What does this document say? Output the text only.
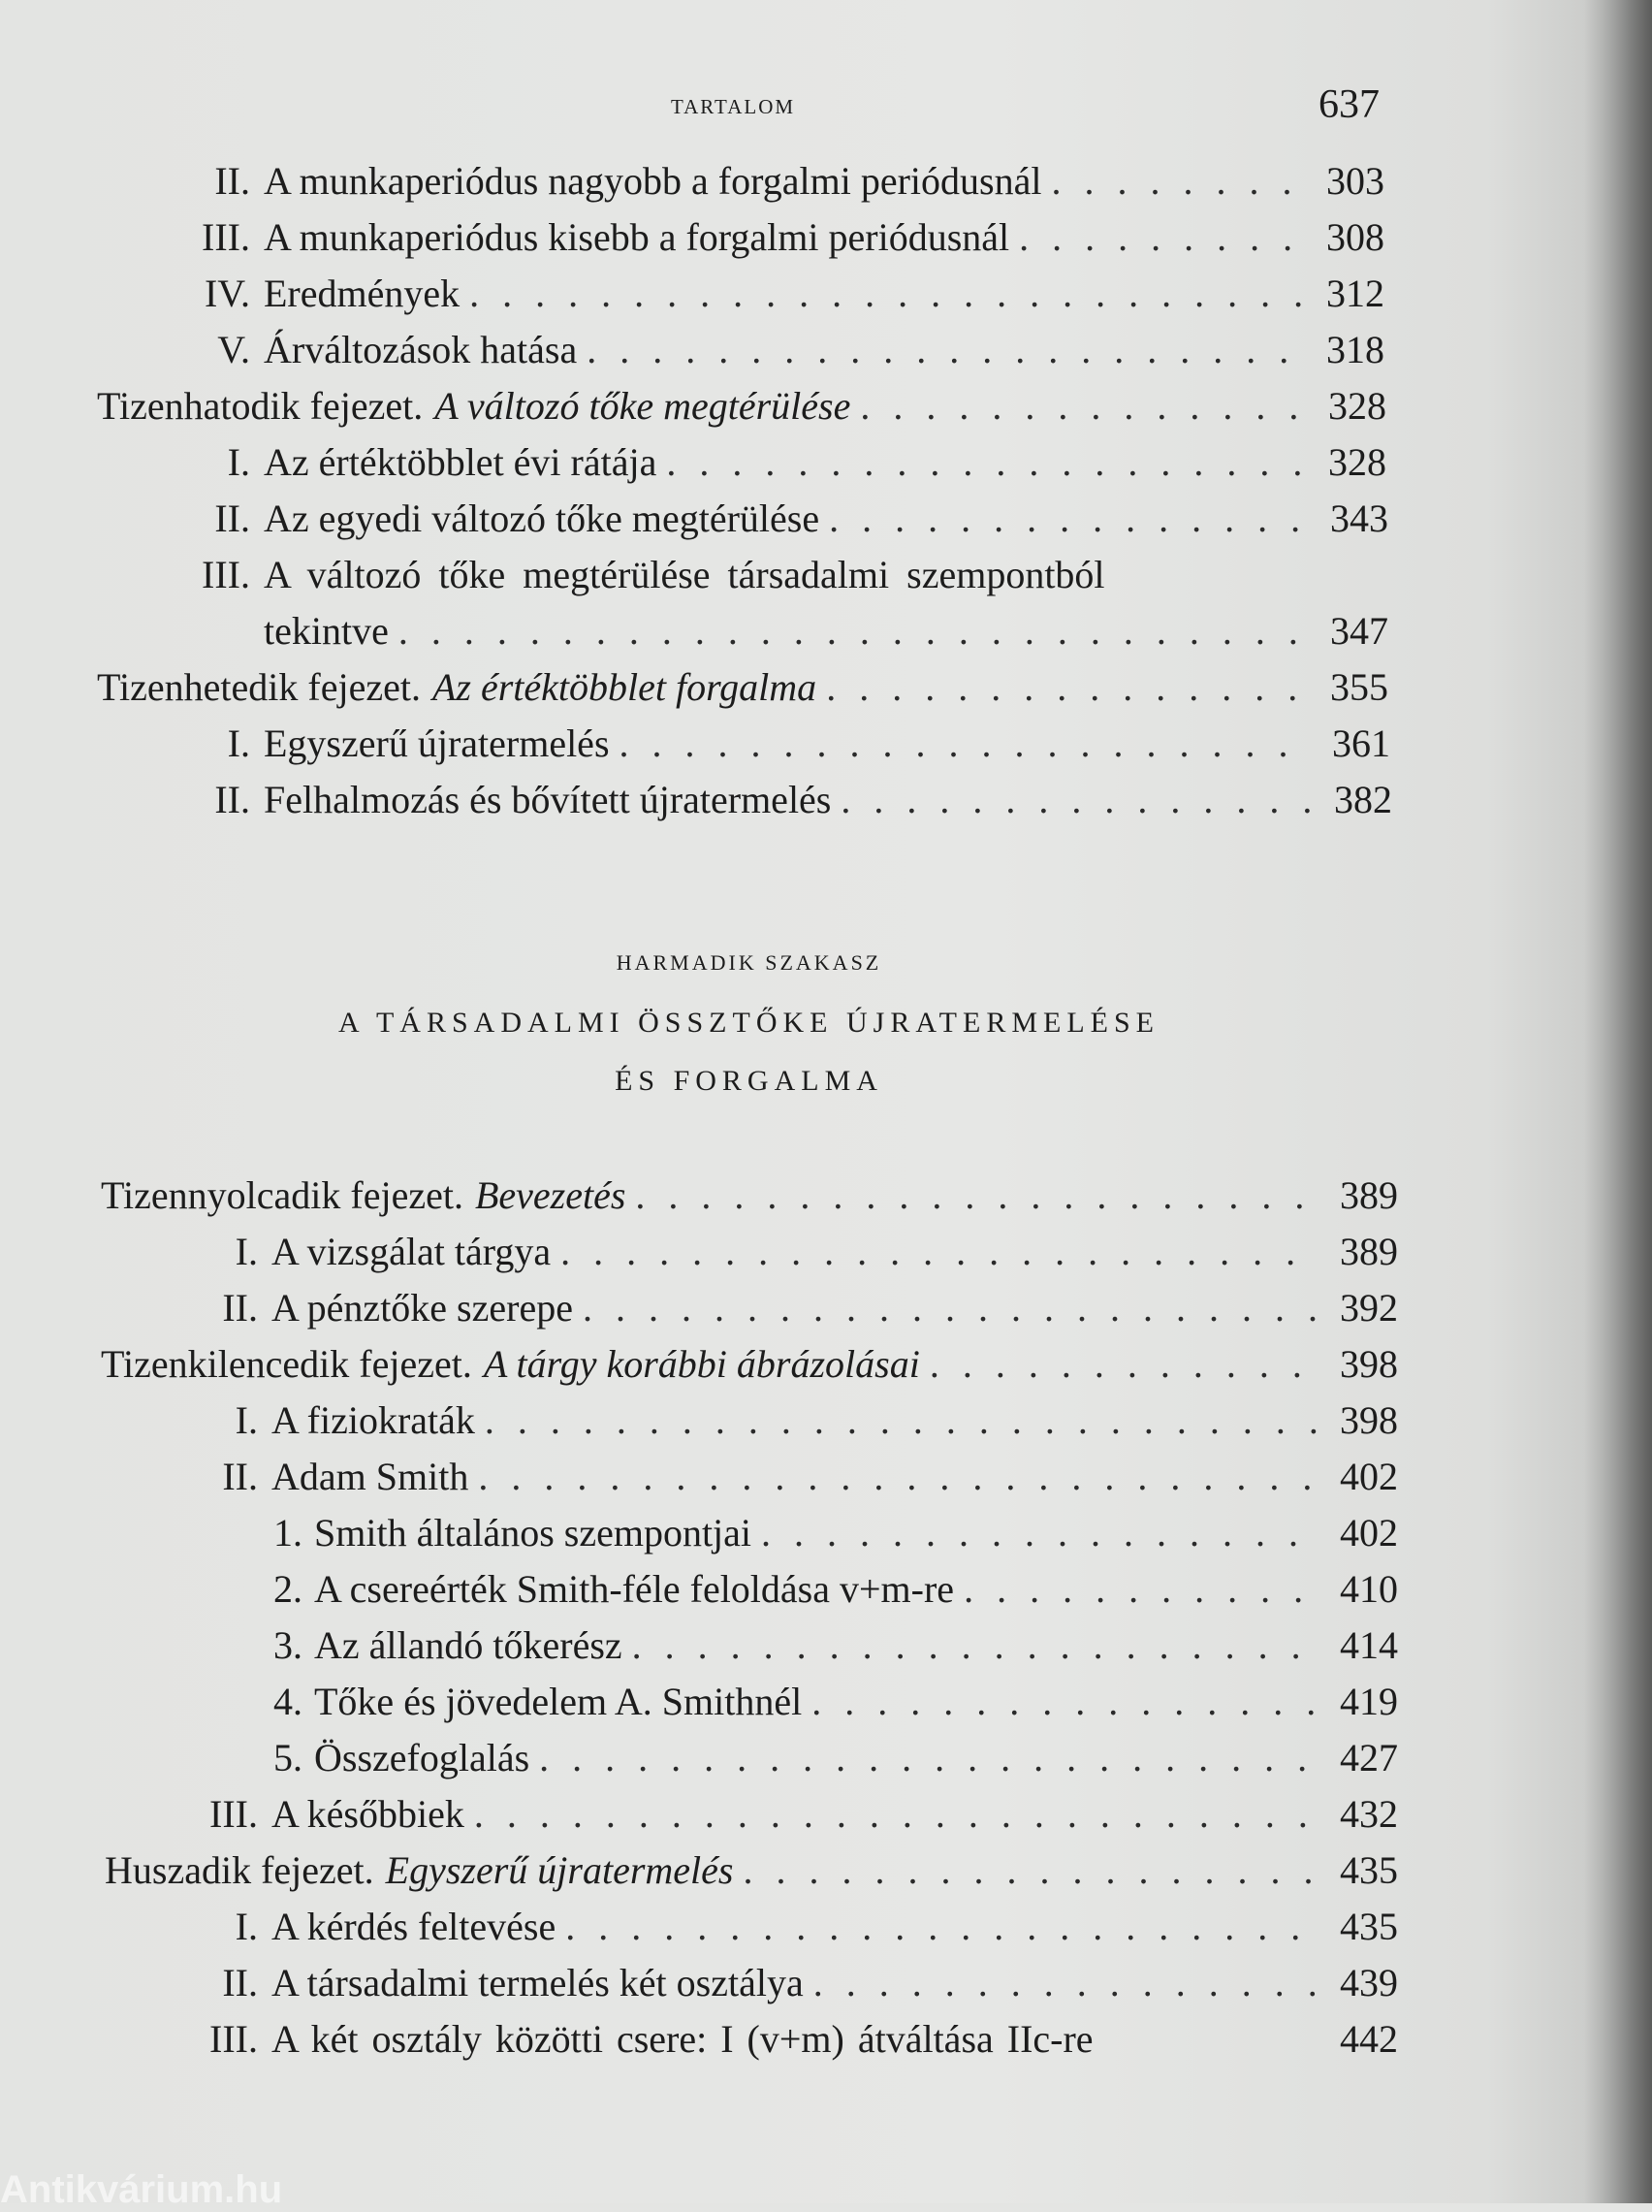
TARTALOM	637
II. A munkaperiódus nagyobb a forgalmi periódusnál . . .	303
III. A munkaperiódus kisebb a forgalmi periódusnál . . .	308
IV. Eredmények . . .	312
V. Árváltozások hatása . . .	318
Tizenhatodik fejezet. A változó tőke megtérülése . . .	328
I. Az értéktöbblet évi rátája . . .	328
II. Az egyedi változó tőke megtérülése . . .	343
III. A változó tőke megtérülése társadalmi szempontból
tekintve . . .	347
Tizenhetedik fejezet. Az értéktöbblet forgalma . . .	355
I. Egyszerű újratermelés . . .	361
II. Felhalmozás és bővített újratermelés . . .	382
HARMADIK SZAKASZ
A TÁRSADALMI ÖSSZTŐKE ÚJRATERMELÉSE
ÉS FORGALMA
Tizennyolcadik fejezet. Bevezetés . . .	389
I. A vizsgálat tárgya . . .	389
II. A pénztőke szerepe . . .	392
Tizenkilencedik fejezet. A tárgy korábbi ábrázolásai . . .	398
I. A fiziokraták . . .	398
II. Adam Smith . . .	402
1. Smith általános szempontjai . . .	402
2. A csereérték Smith-féle feloldása v+m-re . . .	410
3. Az állandó tőkerész . . .	414
4. Tőke és jövedelem A. Smithnél . . .	419
5. Összefoglalás . . .	427
III. A későbbiek . . .	432
Huszadik fejezet. Egyszerű újratermelés . . .	435
I. A kérdés feltevése . . .	435
II. A társadalmi termelés két osztálya . . .	439
III. A két osztály közötti csere: I (v+m) átváltása IIc-re	442
Antikvárium.hu
